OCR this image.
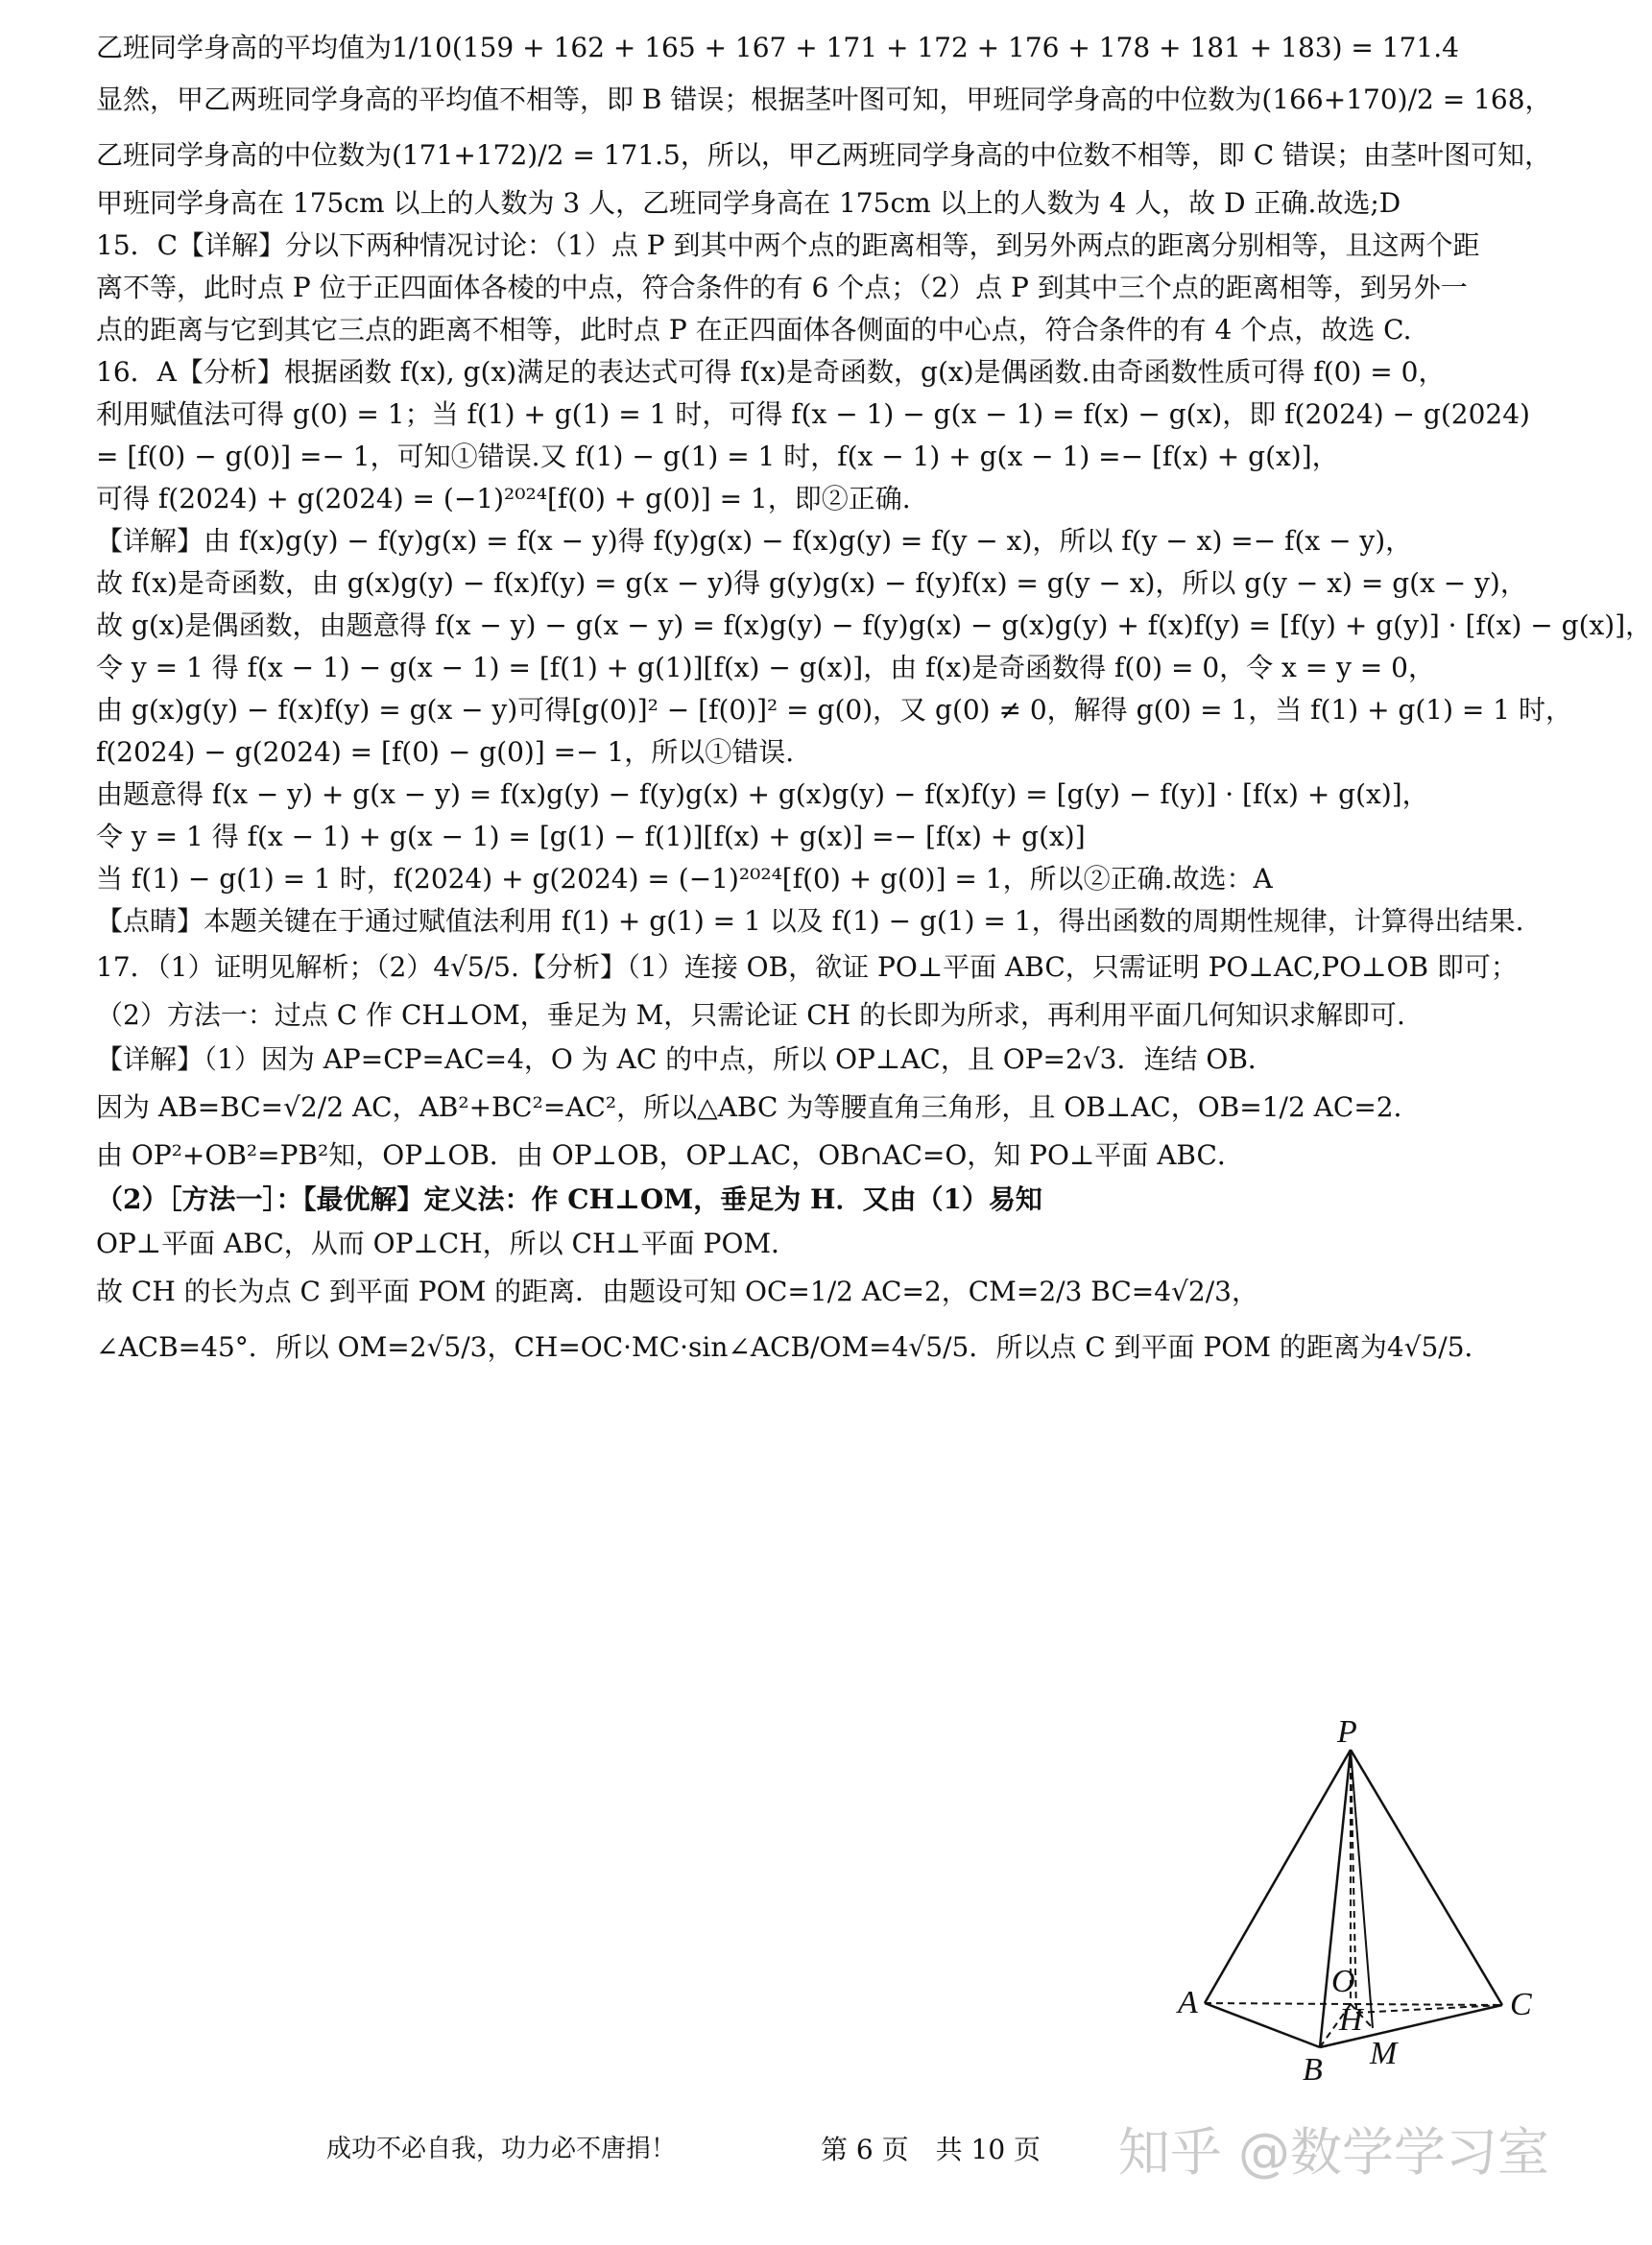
乙班同学身高的平均值为1/10(159 + 162 + 165 + 167 + 171 + 172 + 176 + 178 + 181 + 183) = 171.4
显然，甲乙两班同学身高的平均值不相等，即 B 错误；根据茎叶图可知，甲班同学身高的中位数为(166+170)/2 = 168，
乙班同学身高的中位数为(171+172)/2 = 171.5，所以，甲乙两班同学身高的中位数不相等，即 C 错误；由茎叶图可知，
甲班同学身高在 175cm 以上的人数为 3 人，乙班同学身高在 175cm 以上的人数为 4 人，故 D 正确.故选;D
15．C【详解】分以下两种情况讨论：（1）点 P 到其中两个点的距离相等，到另外两点的距离分别相等，且这两个距
离不等，此时点 P 位于正四面体各棱的中点，符合条件的有 6 个点；（2）点 P 到其中三个点的距离相等，到另外一
点的距离与它到其它三点的距离不相等，此时点 P 在正四面体各侧面的中心点，符合条件的有 4 个点，故选 C.
16．A【分析】根据函数 f(x), g(x)满足的表达式可得 f(x)是奇函数，g(x)是偶函数.由奇函数性质可得 f(0) = 0，
利用赋值法可得 g(0) = 1；当 f(1) + g(1) = 1 时，可得 f(x − 1) − g(x − 1) = f(x) − g(x)，即 f(2024) − g(2024)
= [f(0) − g(0)] =− 1，可知①错误.又 f(1) − g(1) = 1 时，f(x − 1) + g(x − 1) =− [f(x) + g(x)]，
可得 f(2024) + g(2024) = (−1)²⁰²⁴[f(0) + g(0)] = 1，即②正确.
【详解】由 f(x)g(y) − f(y)g(x) = f(x − y)得 f(y)g(x) − f(x)g(y) = f(y − x)，所以 f(y − x) =− f(x − y)，
故 f(x)是奇函数，由 g(x)g(y) − f(x)f(y) = g(x − y)得 g(y)g(x) − f(y)f(x) = g(y − x)，所以 g(y − x) = g(x − y)，
故 g(x)是偶函数，由题意得 f(x − y) − g(x − y) = f(x)g(y) − f(y)g(x) − g(x)g(y) + f(x)f(y) = [f(y) + g(y)] · [f(x) − g(x)]，
令 y = 1 得 f(x − 1) − g(x − 1) = [f(1) + g(1)][f(x) − g(x)]，由 f(x)是奇函数得 f(0) = 0，令 x = y = 0，
由 g(x)g(y) − f(x)f(y) = g(x − y)可得[g(0)]² − [f(0)]² = g(0)，又 g(0) ≠ 0，解得 g(0) = 1，当 f(1) + g(1) = 1 时，
f(2024) − g(2024) = [f(0) − g(0)] =− 1，所以①错误.
由题意得 f(x − y) + g(x − y) = f(x)g(y) − f(y)g(x) + g(x)g(y) − f(x)f(y) = [g(y) − f(y)] · [f(x) + g(x)]，
令 y = 1 得 f(x − 1) + g(x − 1) = [g(1) − f(1)][f(x) + g(x)] =− [f(x) + g(x)]
当 f(1) − g(1) = 1 时，f(2024) + g(2024) = (−1)²⁰²⁴[f(0) + g(0)] = 1，所以②正确.故选：A
【点睛】本题关键在于通过赋值法利用 f(1) + g(1) = 1 以及 f(1) − g(1) = 1，得出函数的周期性规律，计算得出结果.
17．（1）证明见解析；（2）4√5/5.【分析】（1）连接 OB，欲证 PO⊥平面 ABC，只需证明 PO⊥AC,PO⊥OB 即可；
（2）方法一：过点 C 作 CH⊥OM，垂足为 M，只需论证 CH 的长即为所求，再利用平面几何知识求解即可.
【详解】（1）因为 AP=CP=AC=4，O 为 AC 的中点，所以 OP⊥AC，且 OP=2√3．连结 OB．
因为 AB=BC=√2/2 AC，AB²+BC²=AC²，所以△ABC 为等腰直角三角形，且 OB⊥AC，OB=1/2 AC=2．
由 OP²+OB²=PB²知，OP⊥OB．由 OP⊥OB，OP⊥AC，OB∩AC=O，知 PO⊥平面 ABC．
（2）［方法一］：【最优解】定义法：作 CH⊥OM，垂足为 H．又由（1）易知
OP⊥平面 ABC，从而 OP⊥CH，所以 CH⊥平面 POM．
故 CH 的长为点 C 到平面 POM 的距离．由题设可知 OC=1/2 AC=2，CM=2/3 BC=4√2/3，
∠ACB=45°．所以 OM=2√5/3，CH=OC·MC·sin∠ACB/OM=4√5/5．所以点 C 到平面 POM 的距离为4√5/5．
P
A
O
H	C
B M
成功不必自我，功力必不唐捐！	第 6 页　共 10 页 知乎 @数学学习室
